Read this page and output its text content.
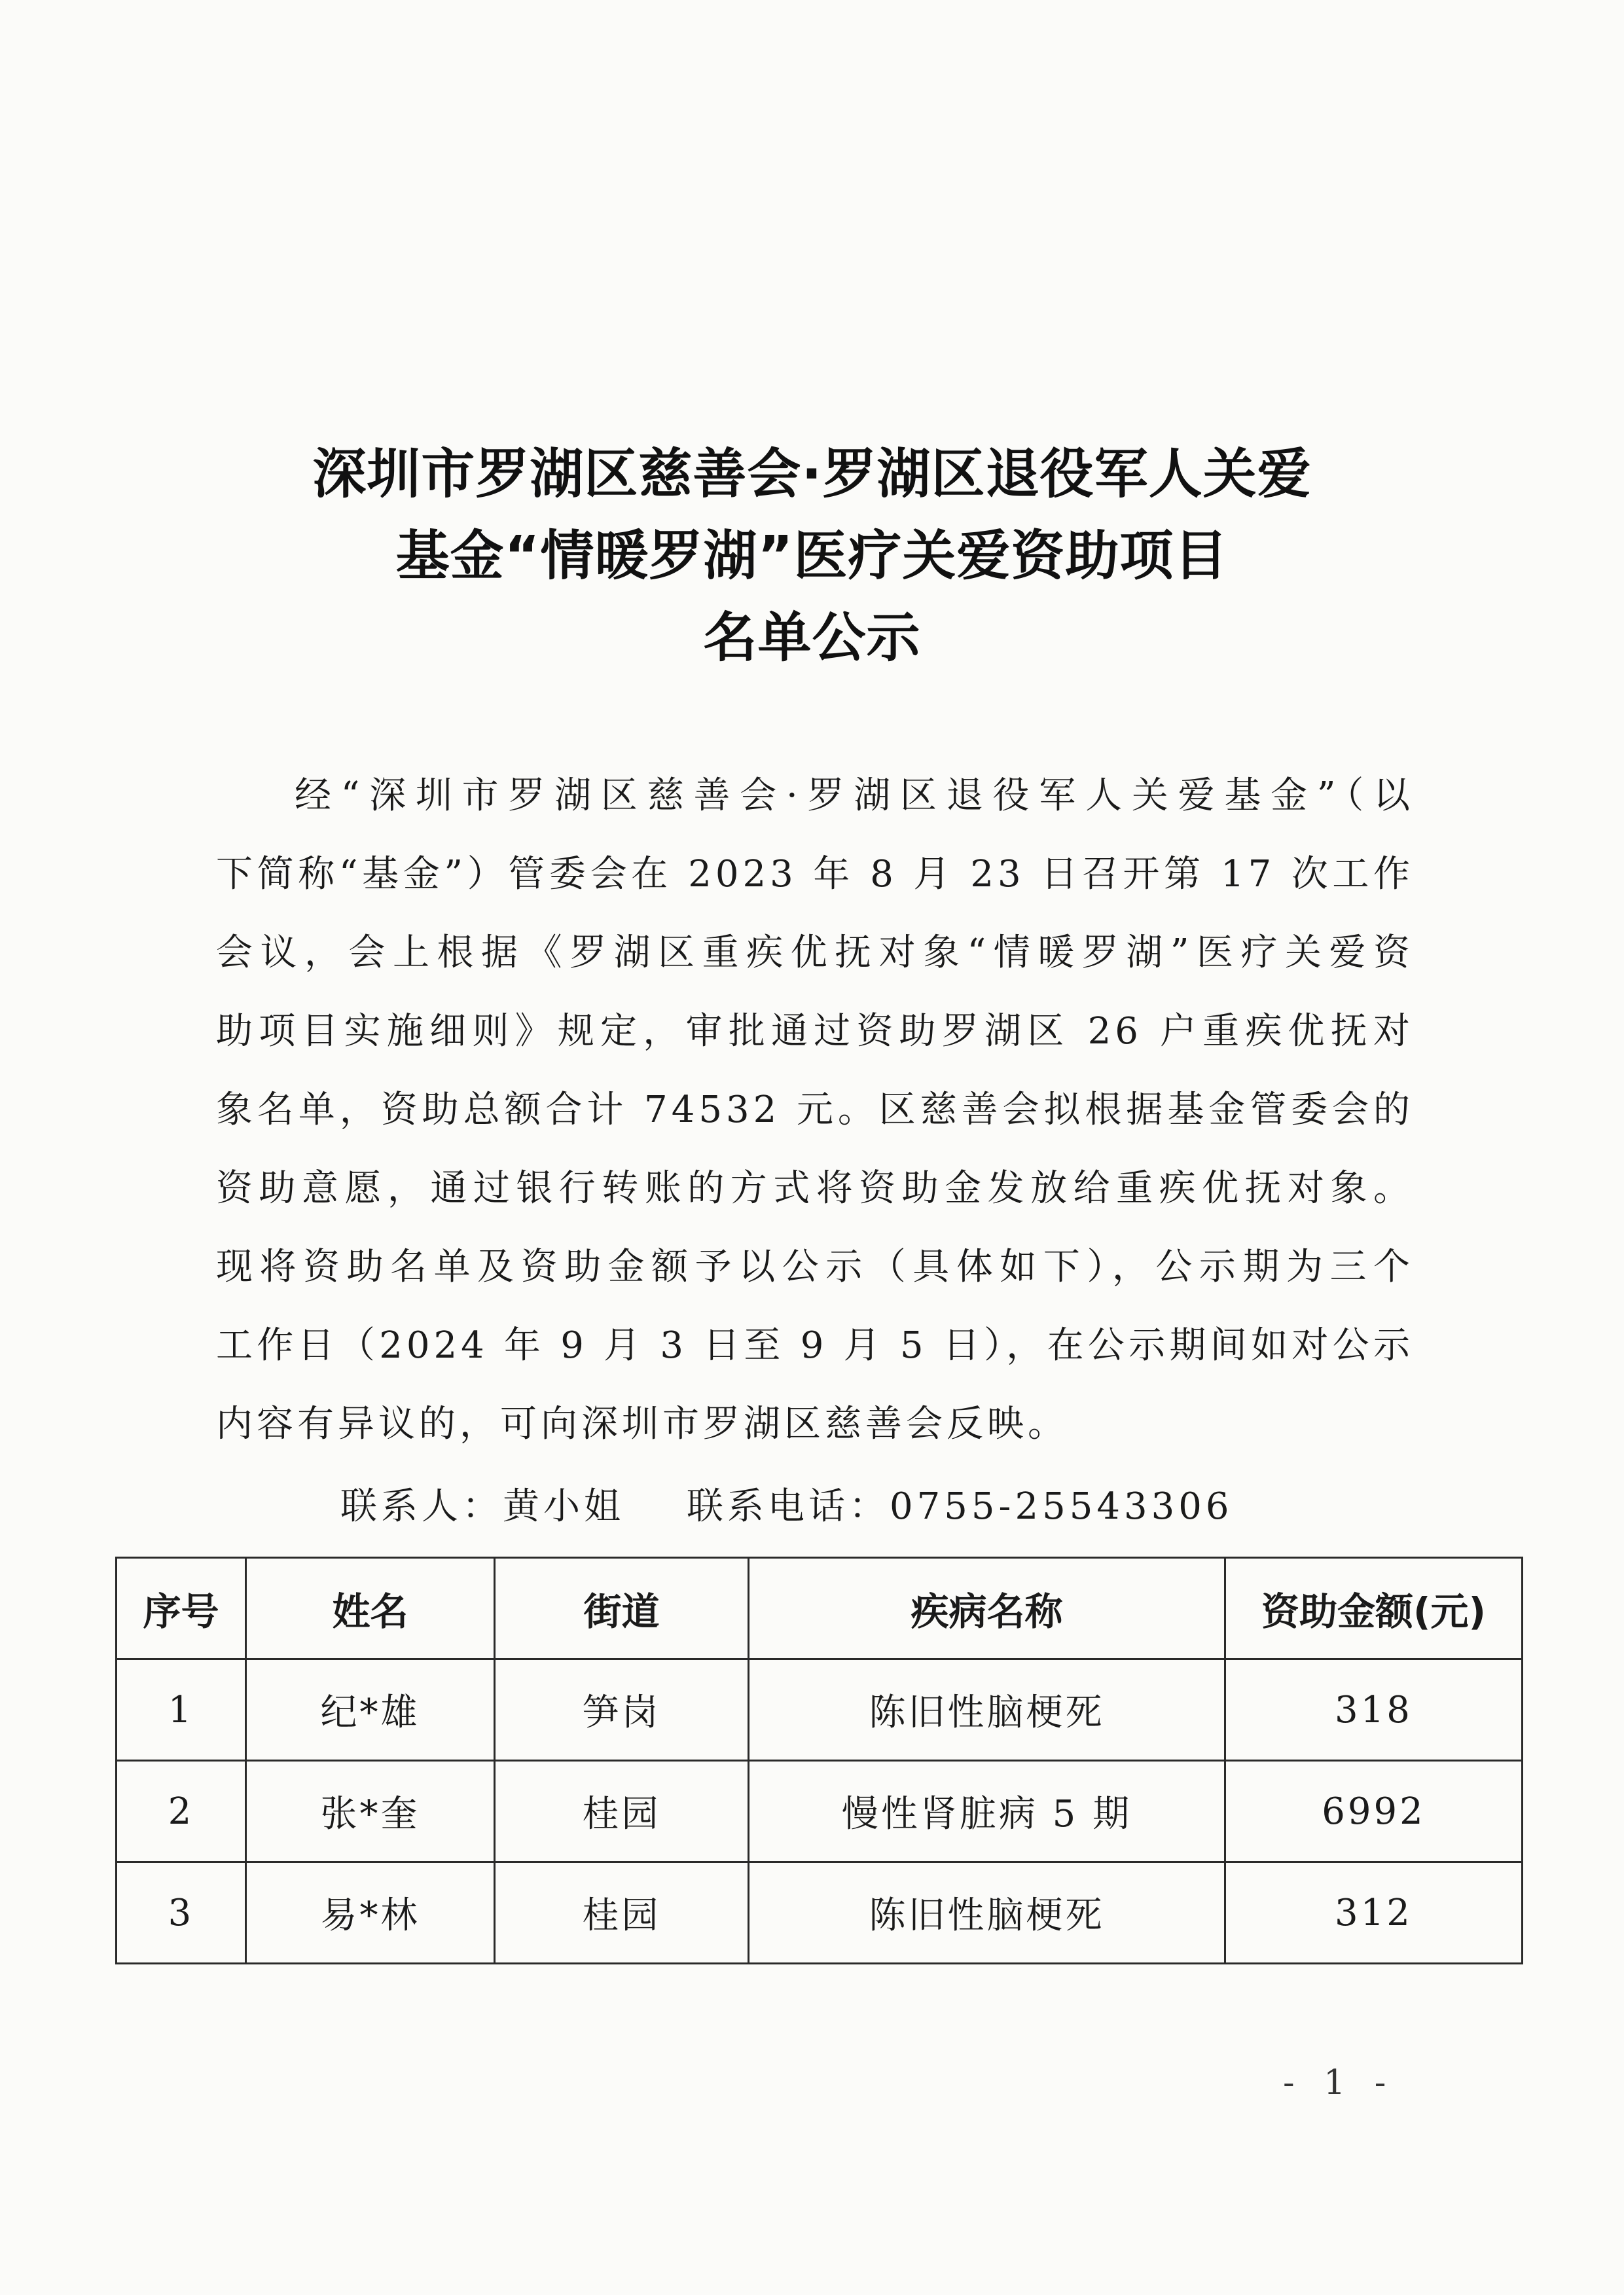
深圳市罗湖区慈善会·罗湖区退役军人关爱
基金“情暖罗湖”医疗关爱资助项目
名单公示
经“深圳市罗湖区慈善会·罗湖区退役军人关爱基金”（以
下简称“基金”）管委会在 2023 年 8 月 23 日召开第 17 次工作
会议，会上根据《罗湖区重疾优抚对象“情暖罗湖”医疗关爱资
助项目实施细则》规定，审批通过资助罗湖区 26 户重疾优抚对
象名单，资助总额合计 74532 元。区慈善会拟根据基金管委会的
资助意愿，通过银行转账的方式将资助金发放给重疾优抚对象。
现将资助名单及资助金额予以公示（具体如下），公示期为三个
工作日（2024 年 9 月 3 日至 9 月 5 日），在公示期间如对公示
内容有异议的，可向深圳市罗湖区慈善会反映。
联系人：黄小姐 联系电话：0755-25543306
序号	姓名	街道	疾病名称	资助金额(元)
1	纪*雄	笋岗	陈旧性脑梗死	318
2	张*奎	桂园	慢性肾脏病 5 期	6992
3	易*林	桂园	陈旧性脑梗死	312
- 1 -
